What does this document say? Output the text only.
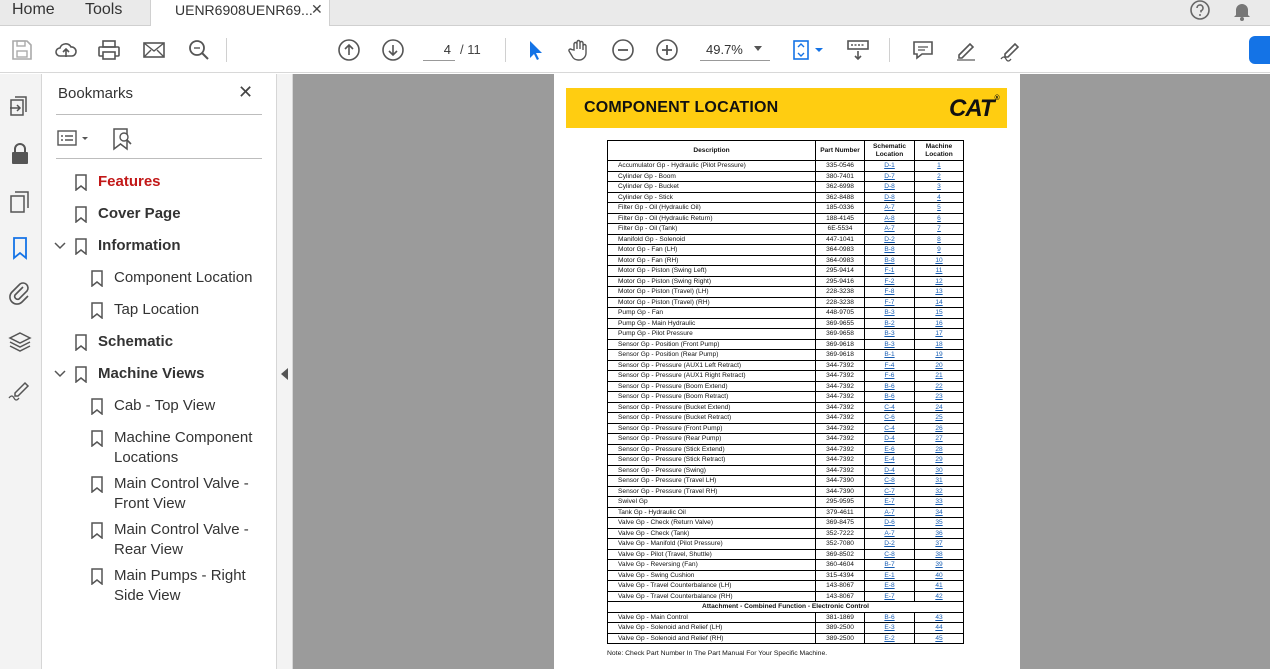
Home Tools	UENR6908UENR69...
✕
4
/ 11
49.7%
Bookmarks	✕
Features
Cover Page
Information
Component Location
Tap Location
Schematic
Machine Views
Cab - Top View
Machine Component
Locations
Main Control Valve -
Front View
Main Control Valve -
Rear View
Main Pumps - Right
Side View
COMPONENT LOCATION	CAT®
Description	Part Number	Schematic Location	Machine Location
Accumulator Gp - Hydraulic (Pilot Pressure)	335-0546	D-1	1
Cylinder Gp - Boom	380-7401	D-7	2
Cylinder Gp - Bucket	362-6998	D-8	3
Cylinder Gp - Stick	362-8488	D-8	4
Filter Gp - Oil (Hydraulic Oil)	185-0336	A-7	5
Filter Gp - Oil (Hydraulic Return)	188-4145	A-8	6
Filter Gp - Oil (Tank)	6E-5534	A-7	7
Manifold Gp - Solenoid	447-1041	D-2	8
Motor Gp - Fan (LH)	364-0983	B-8	9
Motor Gp - Fan (RH)	364-0983	B-8	10
Motor Gp - Piston (Swing Left)	295-9414	F-1	11
Motor Gp - Piston (Swing Right)	295-9416	F-2	12
Motor Gp - Piston (Travel) (LH)	228-3238	F-8	13
Motor Gp - Piston (Travel) (RH)	228-3238	F-7	14
Pump Gp - Fan	448-9705	B-3	15
Pump Gp - Main Hydraulic	369-9655	B-2	16
Pump Gp - Pilot Pressure	369-9658	B-3	17
Sensor Gp - Position (Front Pump)	369-9618	B-3	18
Sensor Gp - Position (Rear Pump)	369-9618	B-1	19
Sensor Gp - Pressure (AUX1 Left Retract)	344-7392	F-4	20
Sensor Gp - Pressure (AUX1 Right Retract)	344-7392	F-6	21
Sensor Gp - Pressure (Boom Extend)	344-7392	B-6	22
Sensor Gp - Pressure (Boom Retract)	344-7392	B-6	23
Sensor Gp - Pressure (Bucket Extend)	344-7392	C-4	24
Sensor Gp - Pressure (Bucket Retract)	344-7392	C-6	25
Sensor Gp - Pressure (Front Pump)	344-7392	C-4	26
Sensor Gp - Pressure (Rear Pump)	344-7392	D-4	27
Sensor Gp - Pressure (Stick Extend)	344-7392	E-6	28
Sensor Gp - Pressure (Stick Retract)	344-7392	E-4	29
Sensor Gp - Pressure (Swing)	344-7392	D-4	30
Sensor Gp - Pressure (Travel LH)	344-7390	C-8	31
Sensor Gp - Pressure (Travel RH)	344-7390	C-7	32
Swivel Gp	295-9595	E-7	33
Tank Gp - Hydraulic Oil	379-4611	A-7	34
Valve Gp - Check (Return Valve)	369-8475	D-6	35
Valve Gp - Check (Tank)	352-7222	A-7	36
Valve Gp - Manifold (Pilot Pressure)	352-7080	D-2	37
Valve Gp - Pilot (Travel, Shuttle)	369-8502	C-8	38
Valve Gp - Reversing (Fan)	360-4604	B-7	39
Valve Gp - Swing Cushion	315-4394	E-1	40
Valve Gp - Travel Counterbalance (LH)	143-8067	E-8	41
Valve Gp - Travel Counterbalance (RH)	143-8067	E-7	42
Attachment - Combined Function - Electronic Control			
Valve Gp - Main Control	381-1869	B-6	43
Valve Gp - Solenoid and Relief (LH)	389-2500	E-3	44
Valve Gp - Solenoid and Relief (RH)	389-2500	E-2	45
Note: Check Part Number In The Part Manual For Your Specific Machine.
